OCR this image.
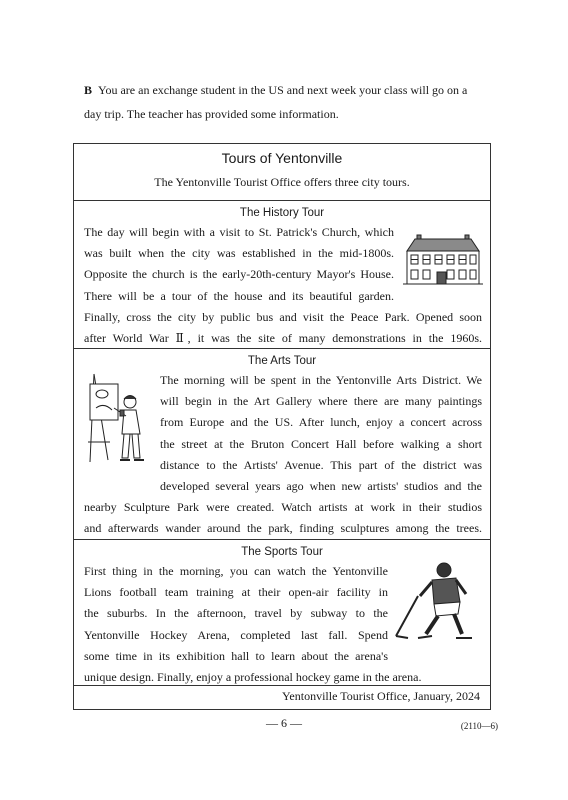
B You are an exchange student in the US and next week your class will go on a
day trip. The teacher has provided some information.
Tours of Yentonville
The Yentonville Tourist Office offers three city tours.
The History Tour
The day will begin with a visit to St. Patrick's Church, which
was built when the city was established in the mid-1800s.
Opposite the church is the early-20th-century Mayor's House.
There will be a tour of the house and its beautiful garden.
Finally, cross the city by public bus and visit the Peace Park. Opened soon
after World War Ⅱ, it was the site of many demonstrations in the 1960s.
The Arts Tour
The morning will be spent in the Yentonville Arts District. We
will begin in the Art Gallery where there are many paintings
from Europe and the US. After lunch, enjoy a concert across
the street at the Bruton Concert Hall before walking a short
distance to the Artists' Avenue. This part of the district was
developed several years ago when new artists' studios and the
nearby Sculpture Park were created. Watch artists at work in their studios
and afterwards wander around the park, finding sculptures among the trees.
The Sports Tour
First thing in the morning, you can watch the Yentonville
Lions football team training at their open-air facility in
the suburbs. In the afternoon, travel by subway to the
Yentonville Hockey Arena, completed last fall. Spend
some time in its exhibition hall to learn about the arena's
unique design. Finally, enjoy a professional hockey game in the arena.
Yentonville Tourist Office, January, 2024
— 6 —	(2110—6)
